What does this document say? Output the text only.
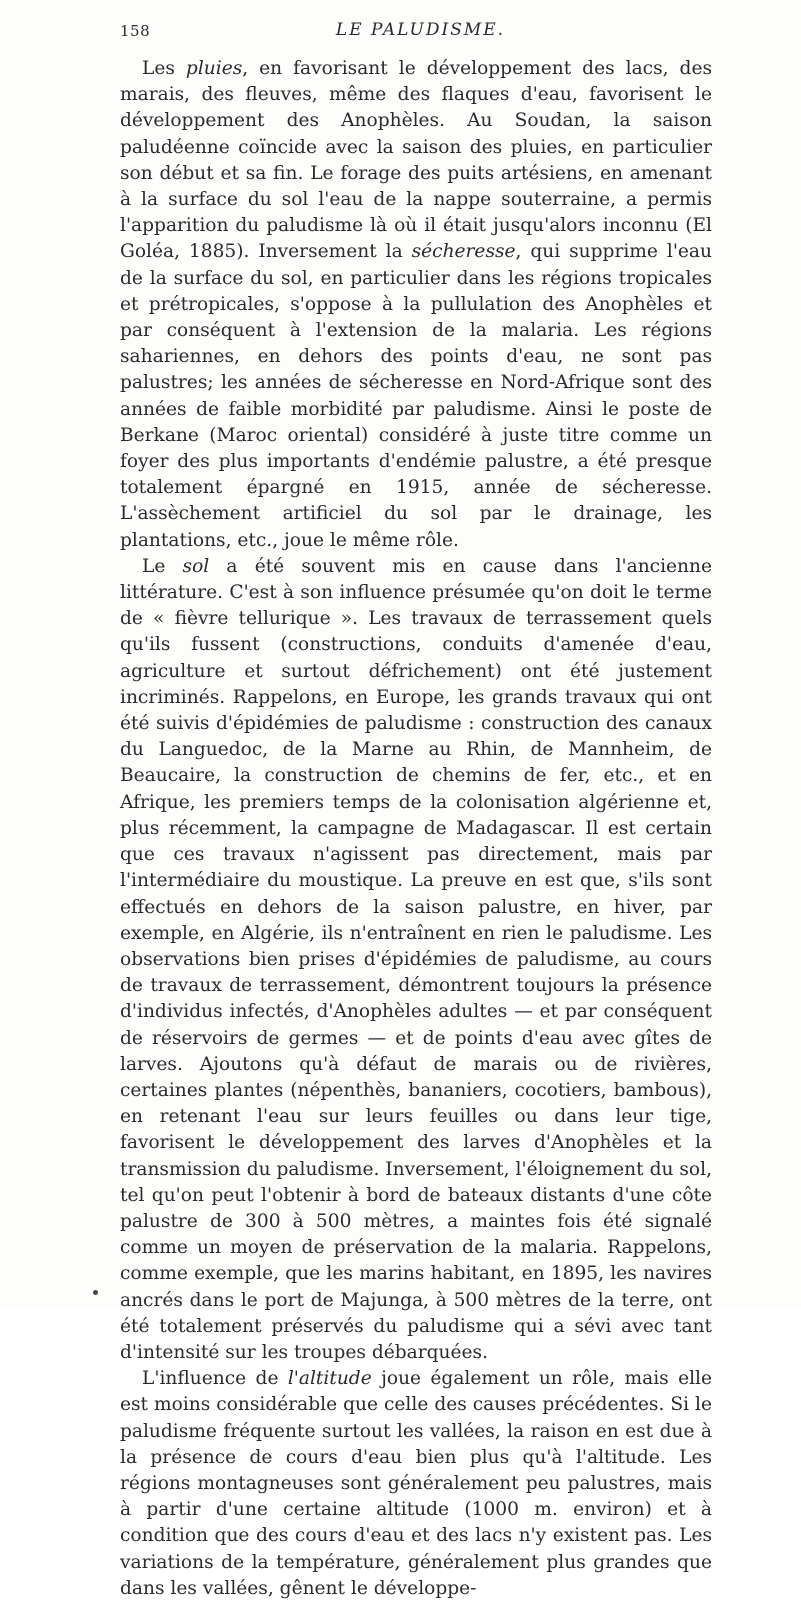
158	LE PALUDISME.

Les pluies, en favorisant le développement des lacs, des marais, des fleuves, même des flaques d'eau, favorisent le développement des Anophèles. Au Soudan, la saison paludéenne coïncide avec la saison des pluies, en particulier son début et sa fin. Le forage des puits artésiens, en amenant à la surface du sol l'eau de la nappe souterraine, a permis l'apparition du paludisme là où il était jusqu'alors inconnu (El Goléa, 1885). Inversement la sécheresse, qui supprime l'eau de la surface du sol, en particulier dans les régions tropicales et prétropicales, s'oppose à la pullulation des Anophèles et par conséquent à l'extension de la malaria. Les régions sahariennes, en dehors des points d'eau, ne sont pas palustres; les années de sécheresse en Nord-Afrique sont des années de faible morbidité par paludisme. Ainsi le poste de Berkane (Maroc oriental) considéré à juste titre comme un foyer des plus importants d'endémie palustre, a été presque totalement épargné en 1915, année de sécheresse. L'assèchement artificiel du sol par le drainage, les plantations, etc., joue le même rôle.

Le sol a été souvent mis en cause dans l'ancienne littérature. C'est à son influence présumée qu'on doit le terme de « fièvre tellurique ». Les travaux de terrassement quels qu'ils fussent (constructions, conduits d'amenée d'eau, agriculture et surtout défrichement) ont été justement incriminés. Rappelons, en Europe, les grands travaux qui ont été suivis d'épidémies de paludisme : construction des canaux du Languedoc, de la Marne au Rhin, de Mannheim, de Beaucaire, la construction de chemins de fer, etc., et en Afrique, les premiers temps de la colonisation algérienne et, plus récemment, la campagne de Madagascar. Il est certain que ces travaux n'agissent pas directement, mais par l'intermédiaire du moustique. La preuve en est que, s'ils sont effectués en dehors de la saison palustre, en hiver, par exemple, en Algérie, ils n'entraînent en rien le paludisme. Les observations bien prises d'épidémies de paludisme, au cours de travaux de terrassement, démontrent toujours la présence d'individus infectés, d'Anophèles adultes — et par conséquent de réservoirs de germes — et de points d'eau avec gîtes de larves. Ajoutons qu'à défaut de marais ou de rivières, certaines plantes (népenthès, bananiers, cocotiers, bambous), en retenant l'eau sur leurs feuilles ou dans leur tige, favorisent le développement des larves d'Anophèles et la transmission du paludisme. Inversement, l'éloignement du sol, tel qu'on peut l'obtenir à bord de bateaux distants d'une côte palustre de 300 à 500 mètres, a maintes fois été signalé comme un moyen de préservation de la malaria. Rappelons, comme exemple, que les marins habitant, en 1895, les navires ancrés dans le port de Majunga, à 500 mètres de la terre, ont été totalement préservés du paludisme qui a sévi avec tant d'intensité sur les troupes débarquées.

L'influence de l'altitude joue également un rôle, mais elle est moins considérable que celle des causes précédentes. Si le paludisme fréquente surtout les vallées, la raison en est due à la présence de cours d'eau bien plus qu'à l'altitude. Les régions montagneuses sont généralement peu palustres, mais à partir d'une certaine altitude (1000 m. environ) et à condition que des cours d'eau et des lacs n'y existent pas. Les variations de la température, généralement plus grandes que dans les vallées, gênent le développe-
